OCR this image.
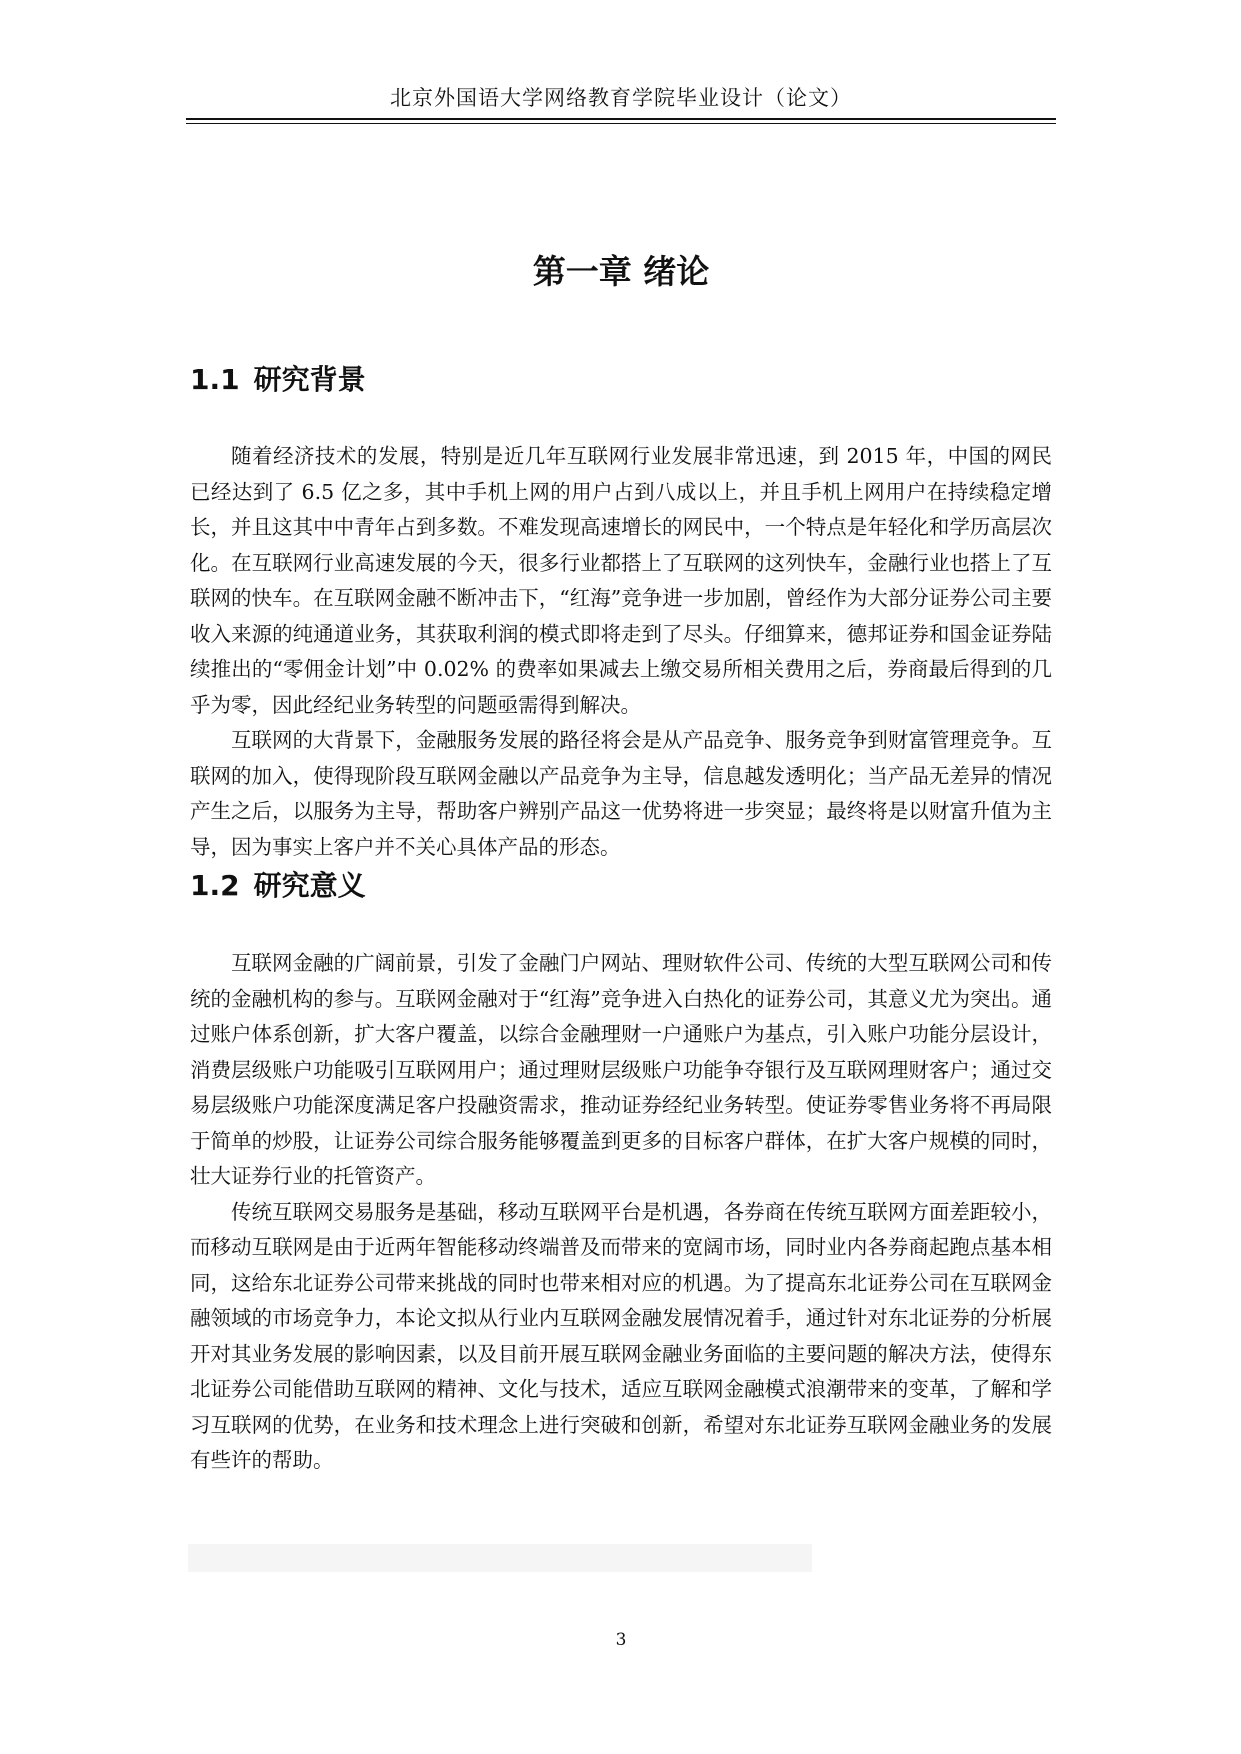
北京外国语大学网络教育学院毕业设计（论文）
第一章 绪论
1.1 研究背景

随着经济技术的发展，特别是近几年互联网行业发展非常迅速，到 2015 年，中国的网民已经达到了 6.5 亿之多，其中手机上网的用户占到八成以上，并且手机上网用户在持续稳定增长，并且这其中中青年占到多数。不难发现高速增长的网民中，一个特点是年轻化和学历高层次化。在互联网行业高速发展的今天，很多行业都搭上了互联网的这列快车，金融行业也搭上了互联网的快车。在互联网金融不断冲击下，“红海”竞争进一步加剧，曾经作为大部分证券公司主要收入来源的纯通道业务，其获取利润的模式即将走到了尽头。仔细算来，德邦证券和国金证券陆续推出的“零佣金计划”中 0.02% 的费率如果减去上缴交易所相关费用之后，券商最后得到的几乎为零，因此经纪业务转型的问题亟需得到解决。

互联网的大背景下，金融服务发展的路径将会是从产品竞争、服务竞争到财富管理竞争。互联网的加入，使得现阶段互联网金融以产品竞争为主导，信息越发透明化；当产品无差异的情况产生之后，以服务为主导，帮助客户辨别产品这一优势将进一步突显；最终将是以财富升值为主导，因为事实上客户并不关心具体产品的形态。

1.2 研究意义

互联网金融的广阔前景，引发了金融门户网站、理财软件公司、传统的大型互联网公司和传统的金融机构的参与。互联网金融对于“红海”竞争进入白热化的证券公司，其意义尤为突出。通过账户体系创新，扩大客户覆盖，以综合金融理财一户通账户为基点，引入账户功能分层设计，消费层级账户功能吸引互联网用户；通过理财层级账户功能争夺银行及互联网理财客户；通过交易层级账户功能深度满足客户投融资需求，推动证券经纪业务转型。使证券零售业务将不再局限于简单的炒股，让证券公司综合服务能够覆盖到更多的目标客户群体，在扩大客户规模的同时，壮大证券行业的托管资产。

传统互联网交易服务是基础，移动互联网平台是机遇，各券商在传统互联网方面差距较小，而移动互联网是由于近两年智能移动终端普及而带来的宽阔市场，同时业内各券商起跑点基本相同，这给东北证券公司带来挑战的同时也带来相对应的机遇。为了提高东北证券公司在互联网金融领域的市场竞争力，本论文拟从行业内互联网金融发展情况着手，通过针对东北证券的分析展开对其业务发展的影响因素，以及目前开展互联网金融业务面临的主要问题的解决方法，使得东北证券公司能借助互联网的精神、文化与技术，适应互联网金融模式浪潮带来的变革，了解和学习互联网的优势，在业务和技术理念上进行突破和创新，希望对东北证券互联网金融业务的发展有些许的帮助。

3
